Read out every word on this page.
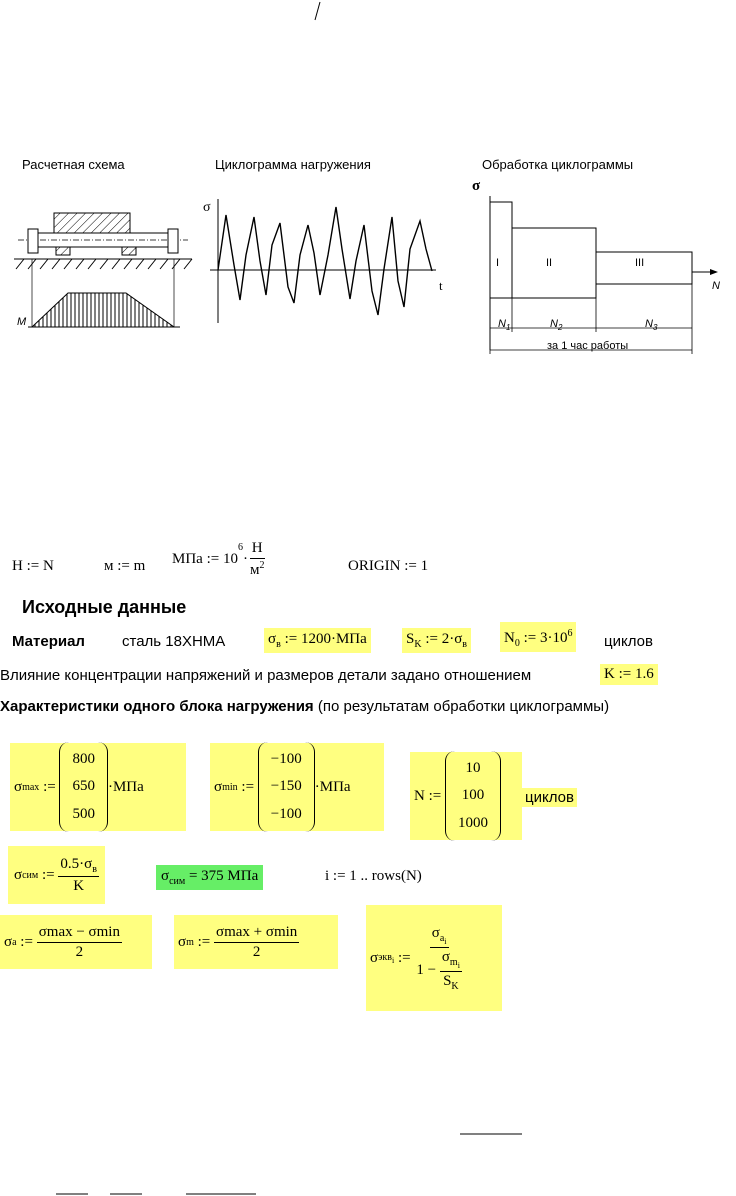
Расчетная схема	Циклограмма нагружения	Обработка циклограммы
M
σ
t
σ
I	II	III
N
$N_1$	$N_2$	$N_3$
за 1 час работы
H := N	м := m МПа := 10
$^6$
· $\frac{H}{м^2}$	ORIGIN := 1
Исходные данные
Материал сталь 18ХНМА	$\sigma_в$ := 1200·МПа	$S_K$ := $2\cdot\sigma_в$ $N_0$ := $3\cdot 10^6$ циклов
Влияние концентрации напряжений и размеров детали задано отношением	K := 1.6
Характеристики одного блока нагружения (по результатам обработки циклограммы)
σ max :=
800
650
500
·МПа	σ min :=
−100
−150
−100
·МПа
N :=

10
100
1000
циклов
σ сим := $\frac{0.5\cdot\sigma_в}{K}$	$\sigma_{сим} = 375$ МПа	i := 1 .. rows(N)
σ a := $\frac{\sigma\max - \sigma\min}{2}$	σ m := $\frac{\sigma\max + \sigma\min}{2}$	σ экв$_i$ := $\sigma_{a_i}$
1 −
$\frac{\sigma_{m_i}}{S_K}$
